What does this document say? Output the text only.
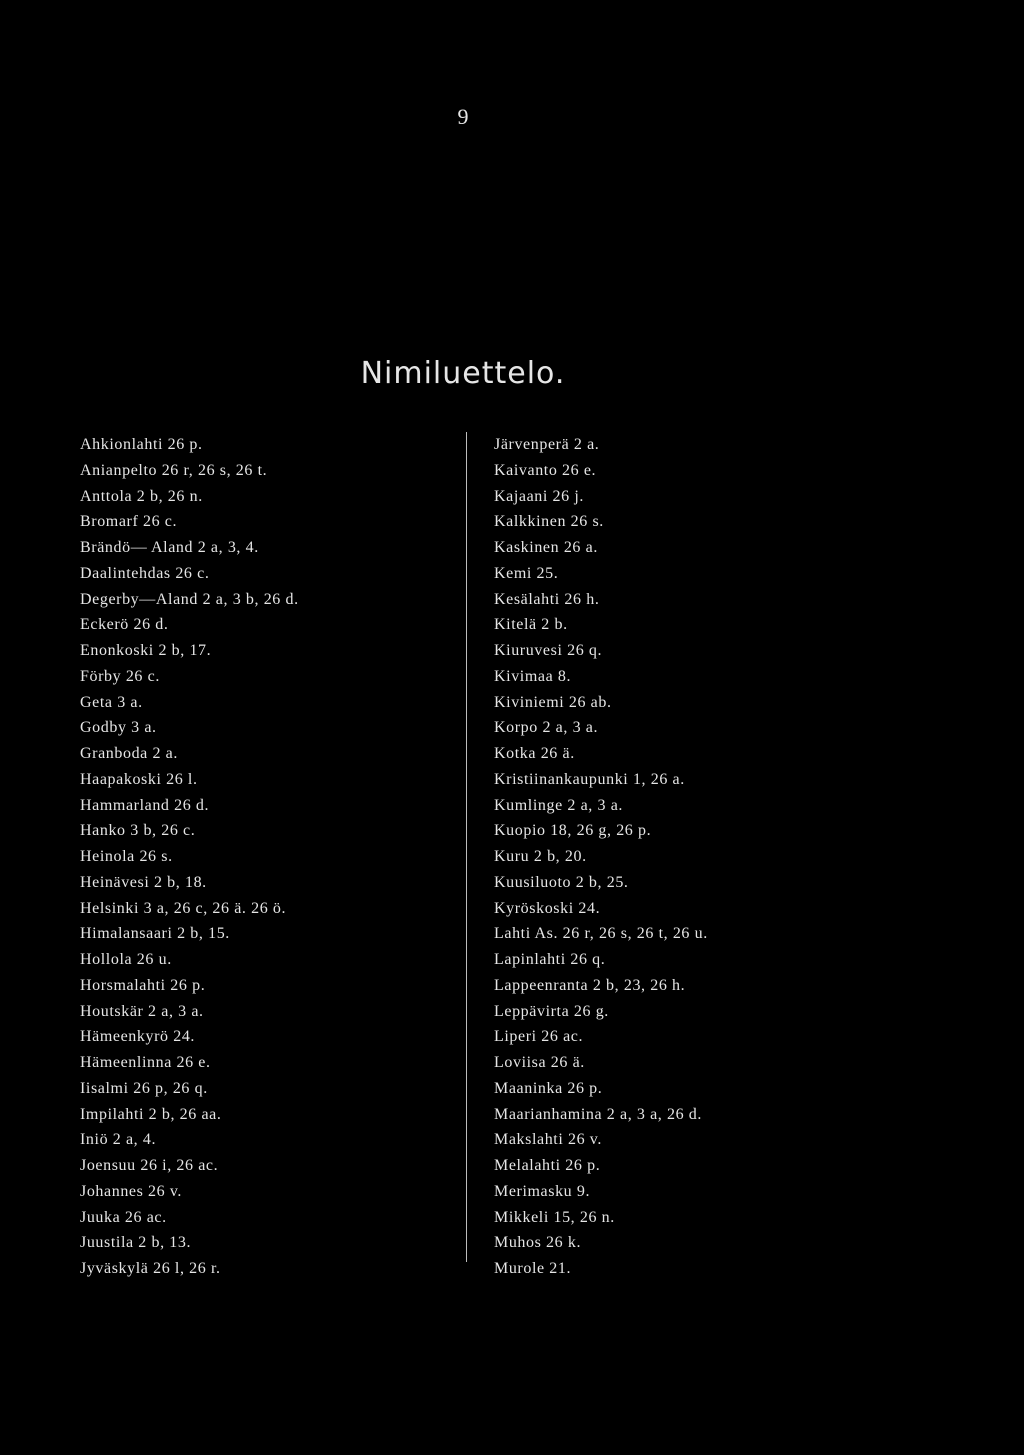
9
Nimiluettelo.
Ahkionlahti 26 p.
Anianpelto 26 r, 26 s, 26 t.
Anttola 2 b, 26 n.
Bromarf 26 c.
Brändö— Aland 2 a, 3, 4.
Daalintehdas 26 c.
Degerby—Aland 2 a, 3 b, 26 d.
Eckerö 26 d.
Enonkoski 2 b, 17.
Förby 26 c.
Geta 3 a.
Godby 3 a.
Granboda 2 a.
Haapakoski 26 l.
Hammarland 26 d.
Hanko 3 b, 26 c.
Heinola 26 s.
Heinävesi 2 b, 18.
Helsinki 3 a, 26 c, 26 ä. 26 ö.
Himalansaari 2 b, 15.
Hollola 26 u.
Horsmalahti 26 p.
Houtskär 2 a, 3 a.
Hämeenkyrö 24.
Hämeenlinna 26 e.
Iisalmi 26 p, 26 q.
Impilahti 2 b, 26 aa.
Iniö 2 a, 4.
Joensuu 26 i, 26 ac.
Johannes 26 v.
Juuka 26 ac.
Juustila 2 b, 13.
Jyväskylä 26 l, 26 r.
Järvenperä 2 a.
Kaivanto 26 e.
Kajaani 26 j.
Kalkkinen 26 s.
Kaskinen 26 a.
Kemi 25.
Kesälahti 26 h.
Kitelä 2 b.
Kiuruvesi 26 q.
Kivimaa 8.
Kiviniemi 26 ab.
Korpo 2 a, 3 a.
Kotka 26 ä.
Kristiinankaupunki 1, 26 a.
Kumlinge 2 a, 3 a.
Kuopio 18, 26 g, 26 p.
Kuru 2 b, 20.
Kuusiluoto 2 b, 25.
Kyröskoski 24.
Lahti As. 26 r, 26 s, 26 t, 26 u.
Lapinlahti 26 q.
Lappeenranta 2 b, 23, 26 h.
Leppävirta 26 g.
Liperi 26 ac.
Loviisa 26 ä.
Maaninka 26 p.
Maarianhamina 2 a, 3 a, 26 d.
Makslahti 26 v.
Melalahti 26 p.
Merimasku 9.
Mikkeli 15, 26 n.
Muhos 26 k.
Murole 21.
